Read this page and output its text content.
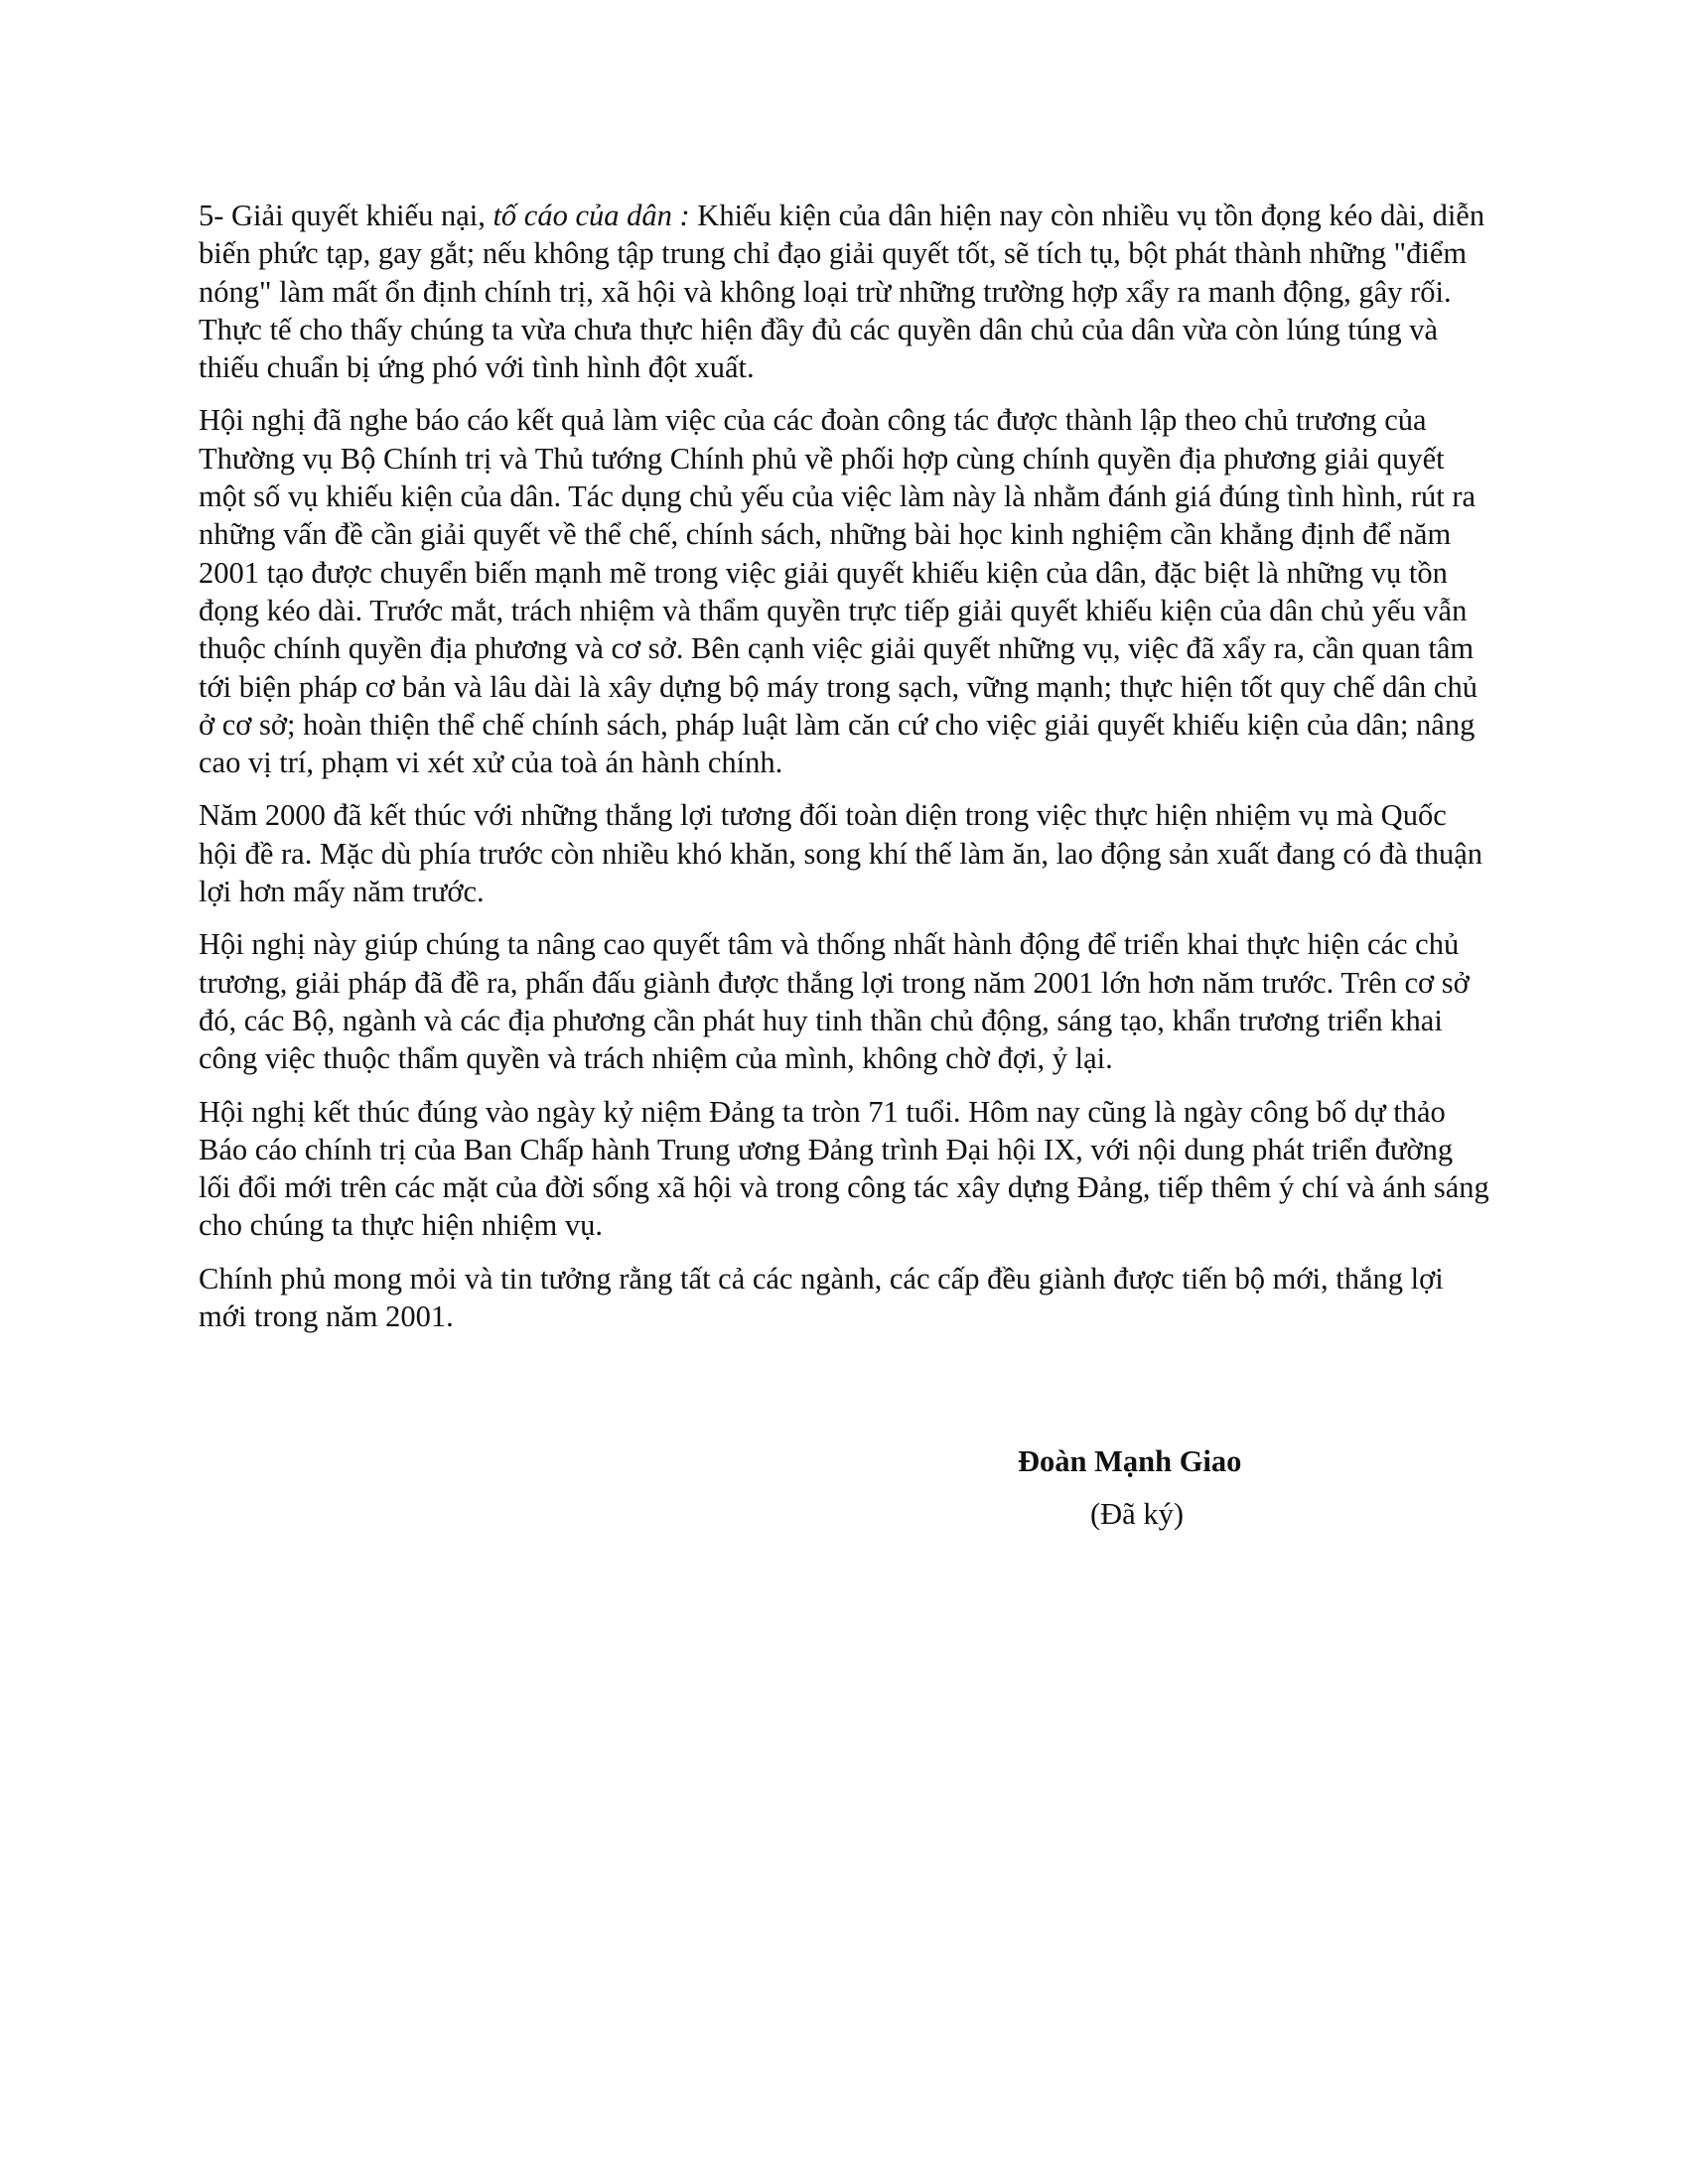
5- Giải quyết khiếu nại, tố cáo của dân : Khiếu kiện của dân hiện nay còn nhiều vụ tồn đọng kéo dài, diễn biến phức tạp, gay gắt; nếu không tập trung chỉ đạo giải quyết tốt, sẽ tích tụ, bột phát thành những "điểm nóng" làm mất ổn định chính trị, xã hội và không loại trừ những trường hợp xẩy ra manh động, gây rối. Thực tế cho thấy chúng ta vừa chưa thực hiện đầy đủ các quyền dân chủ của dân vừa còn lúng túng và thiếu chuẩn bị ứng phó với tình hình đột xuất.

Hội nghị đã nghe báo cáo kết quả làm việc của các đoàn công tác được thành lập theo chủ trương của Thường vụ Bộ Chính trị và Thủ tướng Chính phủ về phối hợp cùng chính quyền địa phương giải quyết một số vụ khiếu kiện của dân. Tác dụng chủ yếu của việc làm này là nhằm đánh giá đúng tình hình, rút ra những vấn đề cần giải quyết về thể chế, chính sách, những bài học kinh nghiệm cần khẳng định để năm 2001 tạo được chuyển biến mạnh mẽ trong việc giải quyết khiếu kiện của dân, đặc biệt là những vụ tồn đọng kéo dài. Trước mắt, trách nhiệm và thẩm quyền trực tiếp giải quyết khiếu kiện của dân chủ yếu vẫn thuộc chính quyền địa phương và cơ sở. Bên cạnh việc giải quyết những vụ, việc đã xẩy ra, cần quan tâm tới biện pháp cơ bản và lâu dài là xây dựng bộ máy trong sạch, vững mạnh; thực hiện tốt quy chế dân chủ ở cơ sở; hoàn thiện thể chế chính sách, pháp luật làm căn cứ cho việc giải quyết khiếu kiện của dân; nâng cao vị trí, phạm vi xét xử của toà án hành chính.

Năm 2000 đã kết thúc với những thắng lợi tương đối toàn diện trong việc thực hiện nhiệm vụ mà Quốc hội đề ra. Mặc dù phía trước còn nhiều khó khăn, song khí thế làm ăn, lao động sản xuất đang có đà thuận lợi hơn mấy năm trước.

Hội nghị này giúp chúng ta nâng cao quyết tâm và thống nhất hành động để triển khai thực hiện các chủ trương, giải pháp đã đề ra, phấn đấu giành được thắng lợi trong năm 2001 lớn hơn năm trước. Trên cơ sở đó, các Bộ, ngành và các địa phương cần phát huy tinh thần chủ động, sáng tạo, khẩn trương triển khai công việc thuộc thẩm quyền và trách nhiệm của mình, không chờ đợi, ỷ lại.

Hội nghị kết thúc đúng vào ngày kỷ niệm Đảng ta tròn 71 tuổi. Hôm nay cũng là ngày công bố dự thảo Báo cáo chính trị của Ban Chấp hành Trung ương Đảng trình Đại hội IX, với nội dung phát triển đường lối đổi mới trên các mặt của đời sống xã hội và trong công tác xây dựng Đảng, tiếp thêm ý chí và ánh sáng cho chúng ta thực hiện nhiệm vụ.

Chính phủ mong mỏi và tin tưởng rằng tất cả các ngành, các cấp đều giành được tiến bộ mới, thắng lợi mới trong năm 2001.

Đoàn Mạnh Giao
(Đã ký)
